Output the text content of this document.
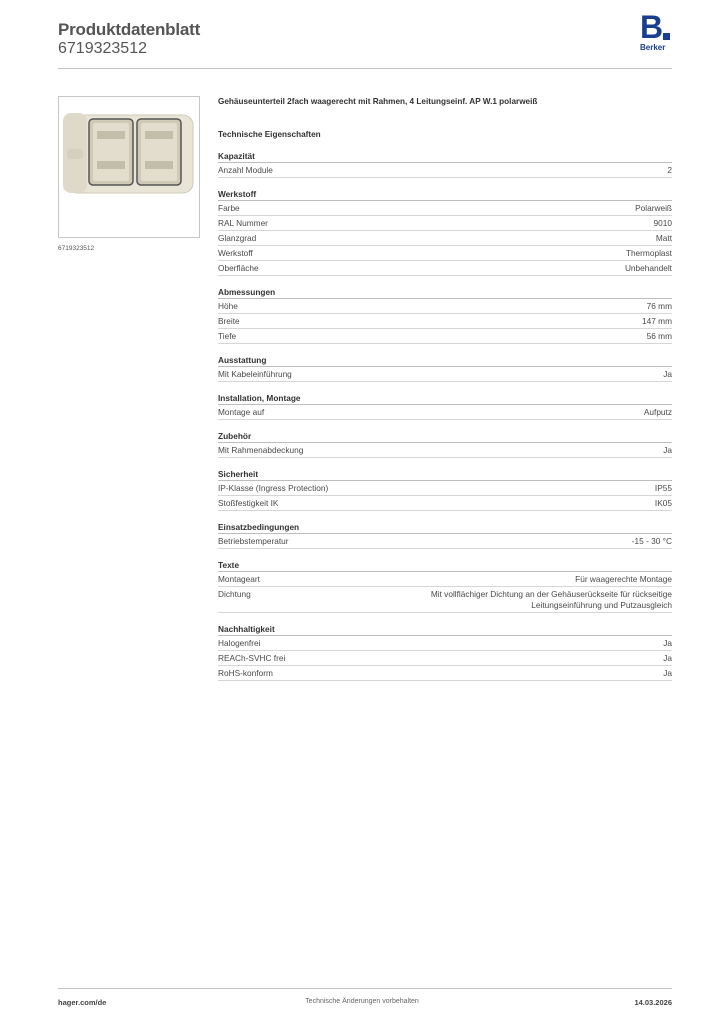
Produktdatenblatt
6719323512
B
Berker
6719323512
Gehäuseunterteil 2fach waagerecht mit Rahmen, 4 Leitungseinf. AP W.1 polarweiß
Technische Eigenschaften
Kapazität
Anzahl Module	2
Werkstoff
Farbe	Polarweiß
RAL Nummer	9010
Glanzgrad	Matt
Werkstoff	Thermoplast
Oberfläche	Unbehandelt
Abmessungen
Höhe	76 mm
Breite	147 mm
Tiefe	56 mm
Ausstattung
Mit Kabeleinführung	Ja
Installation, Montage
Montage auf	Aufputz
Zubehör
Mit Rahmenabdeckung	Ja
Sicherheit
IP-Klasse (Ingress Protection)	IP55
Stoßfestigkeit IK	IK05
Einsatzbedingungen
Betriebstemperatur	-15 - 30 °C
Texte
Montageart	Für waagerechte Montage
Dichtung	Mit vollflächiger Dichtung an der Gehäuserückseite für rückseitige Leitungseinführung und Putzausgleich
Nachhaltigkeit
Halogenfrei	Ja
REACh-SVHC frei	Ja
RoHS-konform	Ja
hager.com/de	Technische Änderungen vorbehalten	14.03.2026
